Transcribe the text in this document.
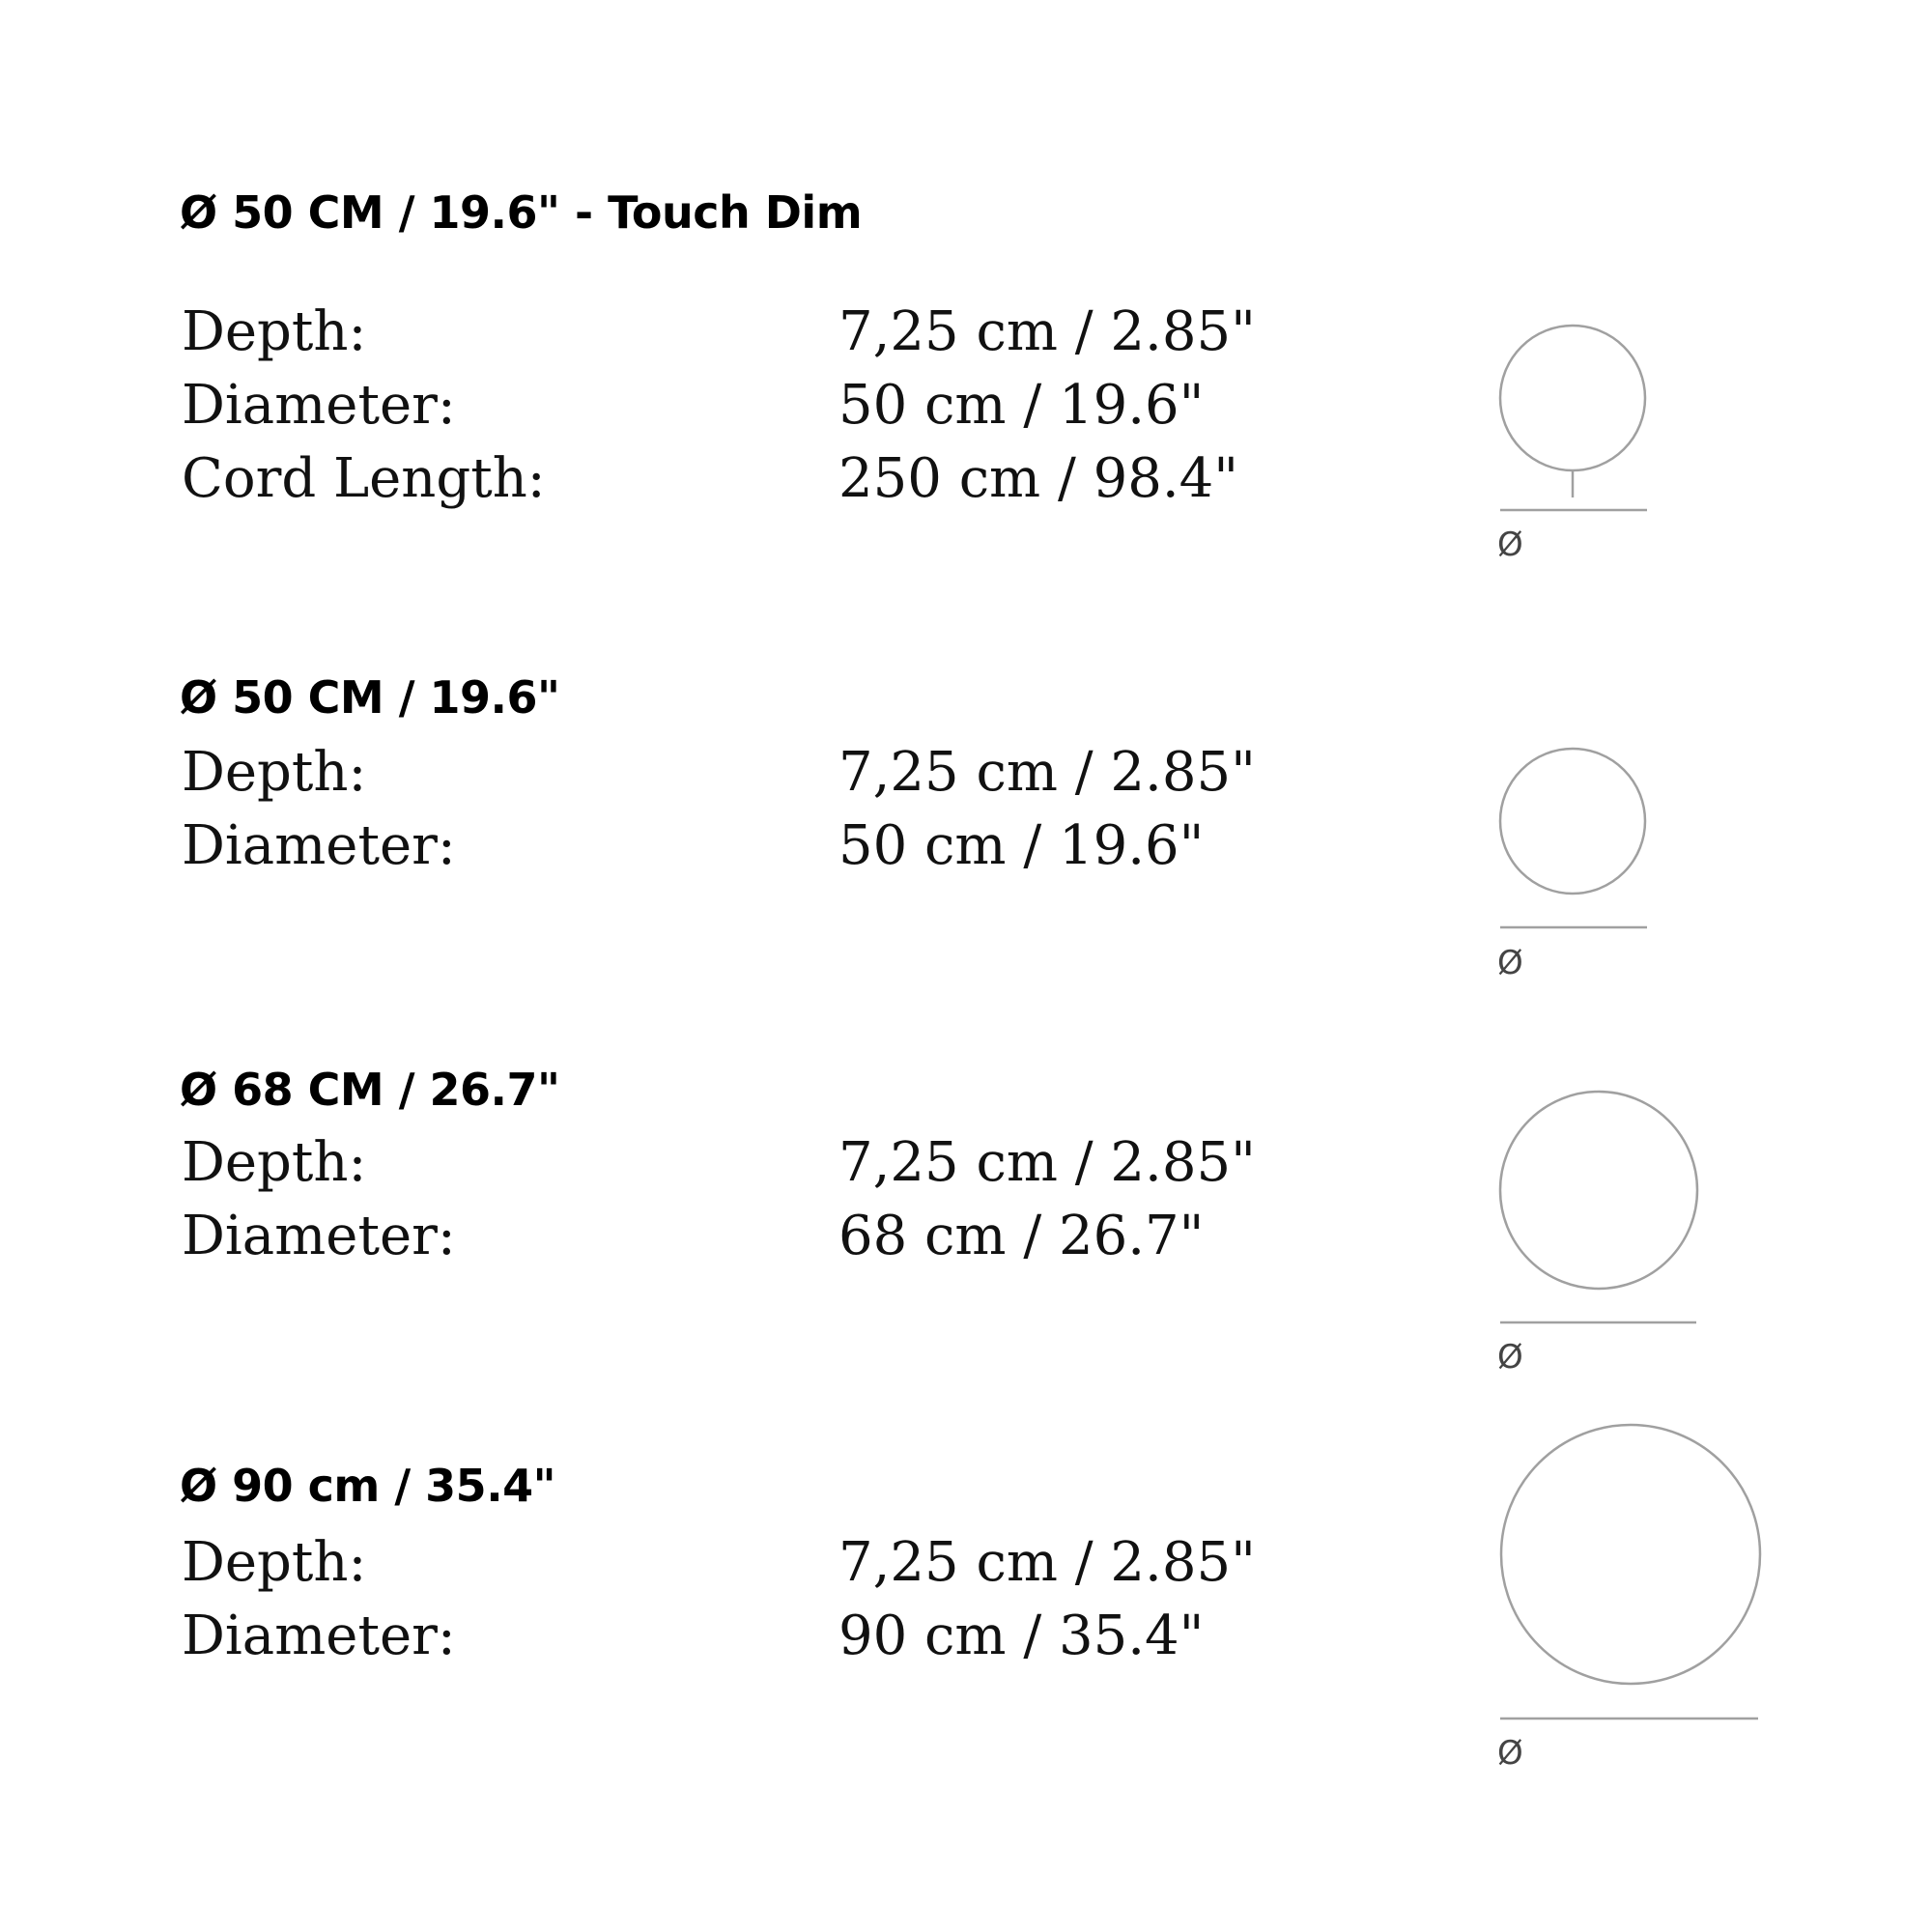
Ø 50 CM / 19.6" - Touch Dim
Depth:	7,25 cm / 2.85"
Diameter:	50 cm / 19.6"
Cord Length:	250 cm / 98.4"
Ø
Ø 50 CM / 19.6"
Depth:	7,25 cm / 2.85"
Diameter:	50 cm / 19.6"
Ø
Ø 68 CM / 26.7"
Depth:	7,25 cm / 2.85"
Diameter:	68 cm / 26.7"
Ø
Ø 90 cm / 35.4"
Depth:	7,25 cm / 2.85"
Diameter:	90 cm / 35.4"
Ø
